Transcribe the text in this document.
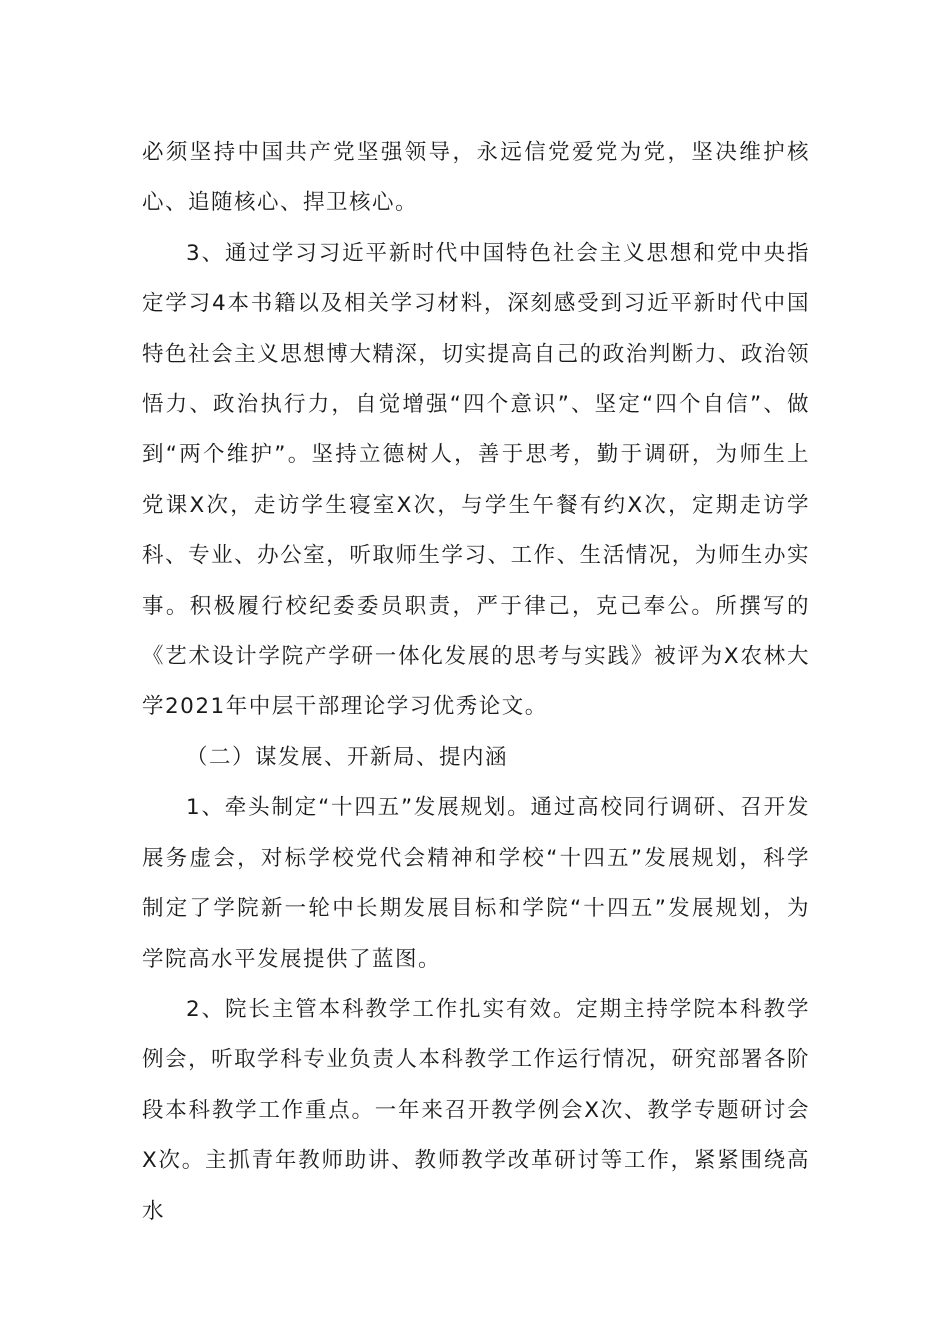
必须坚持中国共产党坚强领导，永远信党爱党为党，坚决维护核心、追随核心、捍卫核心。

3、通过学习习近平新时代中国特色社会主义思想和党中央指定学习4本书籍以及相关学习材料，深刻感受到习近平新时代中国特色社会主义思想博大精深，切实提高自己的政治判断力、政治领悟力、政治执行力，自觉增强“四个意识”、坚定“四个自信”、做到“两个维护”。坚持立德树人，善于思考，勤于调研，为师生上党课X次，走访学生寝室X次，与学生午餐有约X次，定期走访学科、专业、办公室，听取师生学习、工作、生活情况，为师生办实事。积极履行校纪委委员职责，严于律己，克己奉公。所撰写的《艺术设计学院产学研一体化发展的思考与实践》被评为X农林大学2021年中层干部理论学习优秀论文。

（二）谋发展、开新局、提内涵

1、牵头制定“十四五”发展规划。通过高校同行调研、召开发展务虚会，对标学校党代会精神和学校“十四五”发展规划，科学制定了学院新一轮中长期发展目标和学院“十四五”发展规划，为学院高水平发展提供了蓝图。

2、院长主管本科教学工作扎实有效。定期主持学院本科教学例会，听取学科专业负责人本科教学工作运行情况，研究部署各阶段本科教学工作重点。一年来召开教学例会X次、教学专题研讨会X次。主抓青年教师助讲、教师教学改革研讨等工作，紧紧围绕高水
